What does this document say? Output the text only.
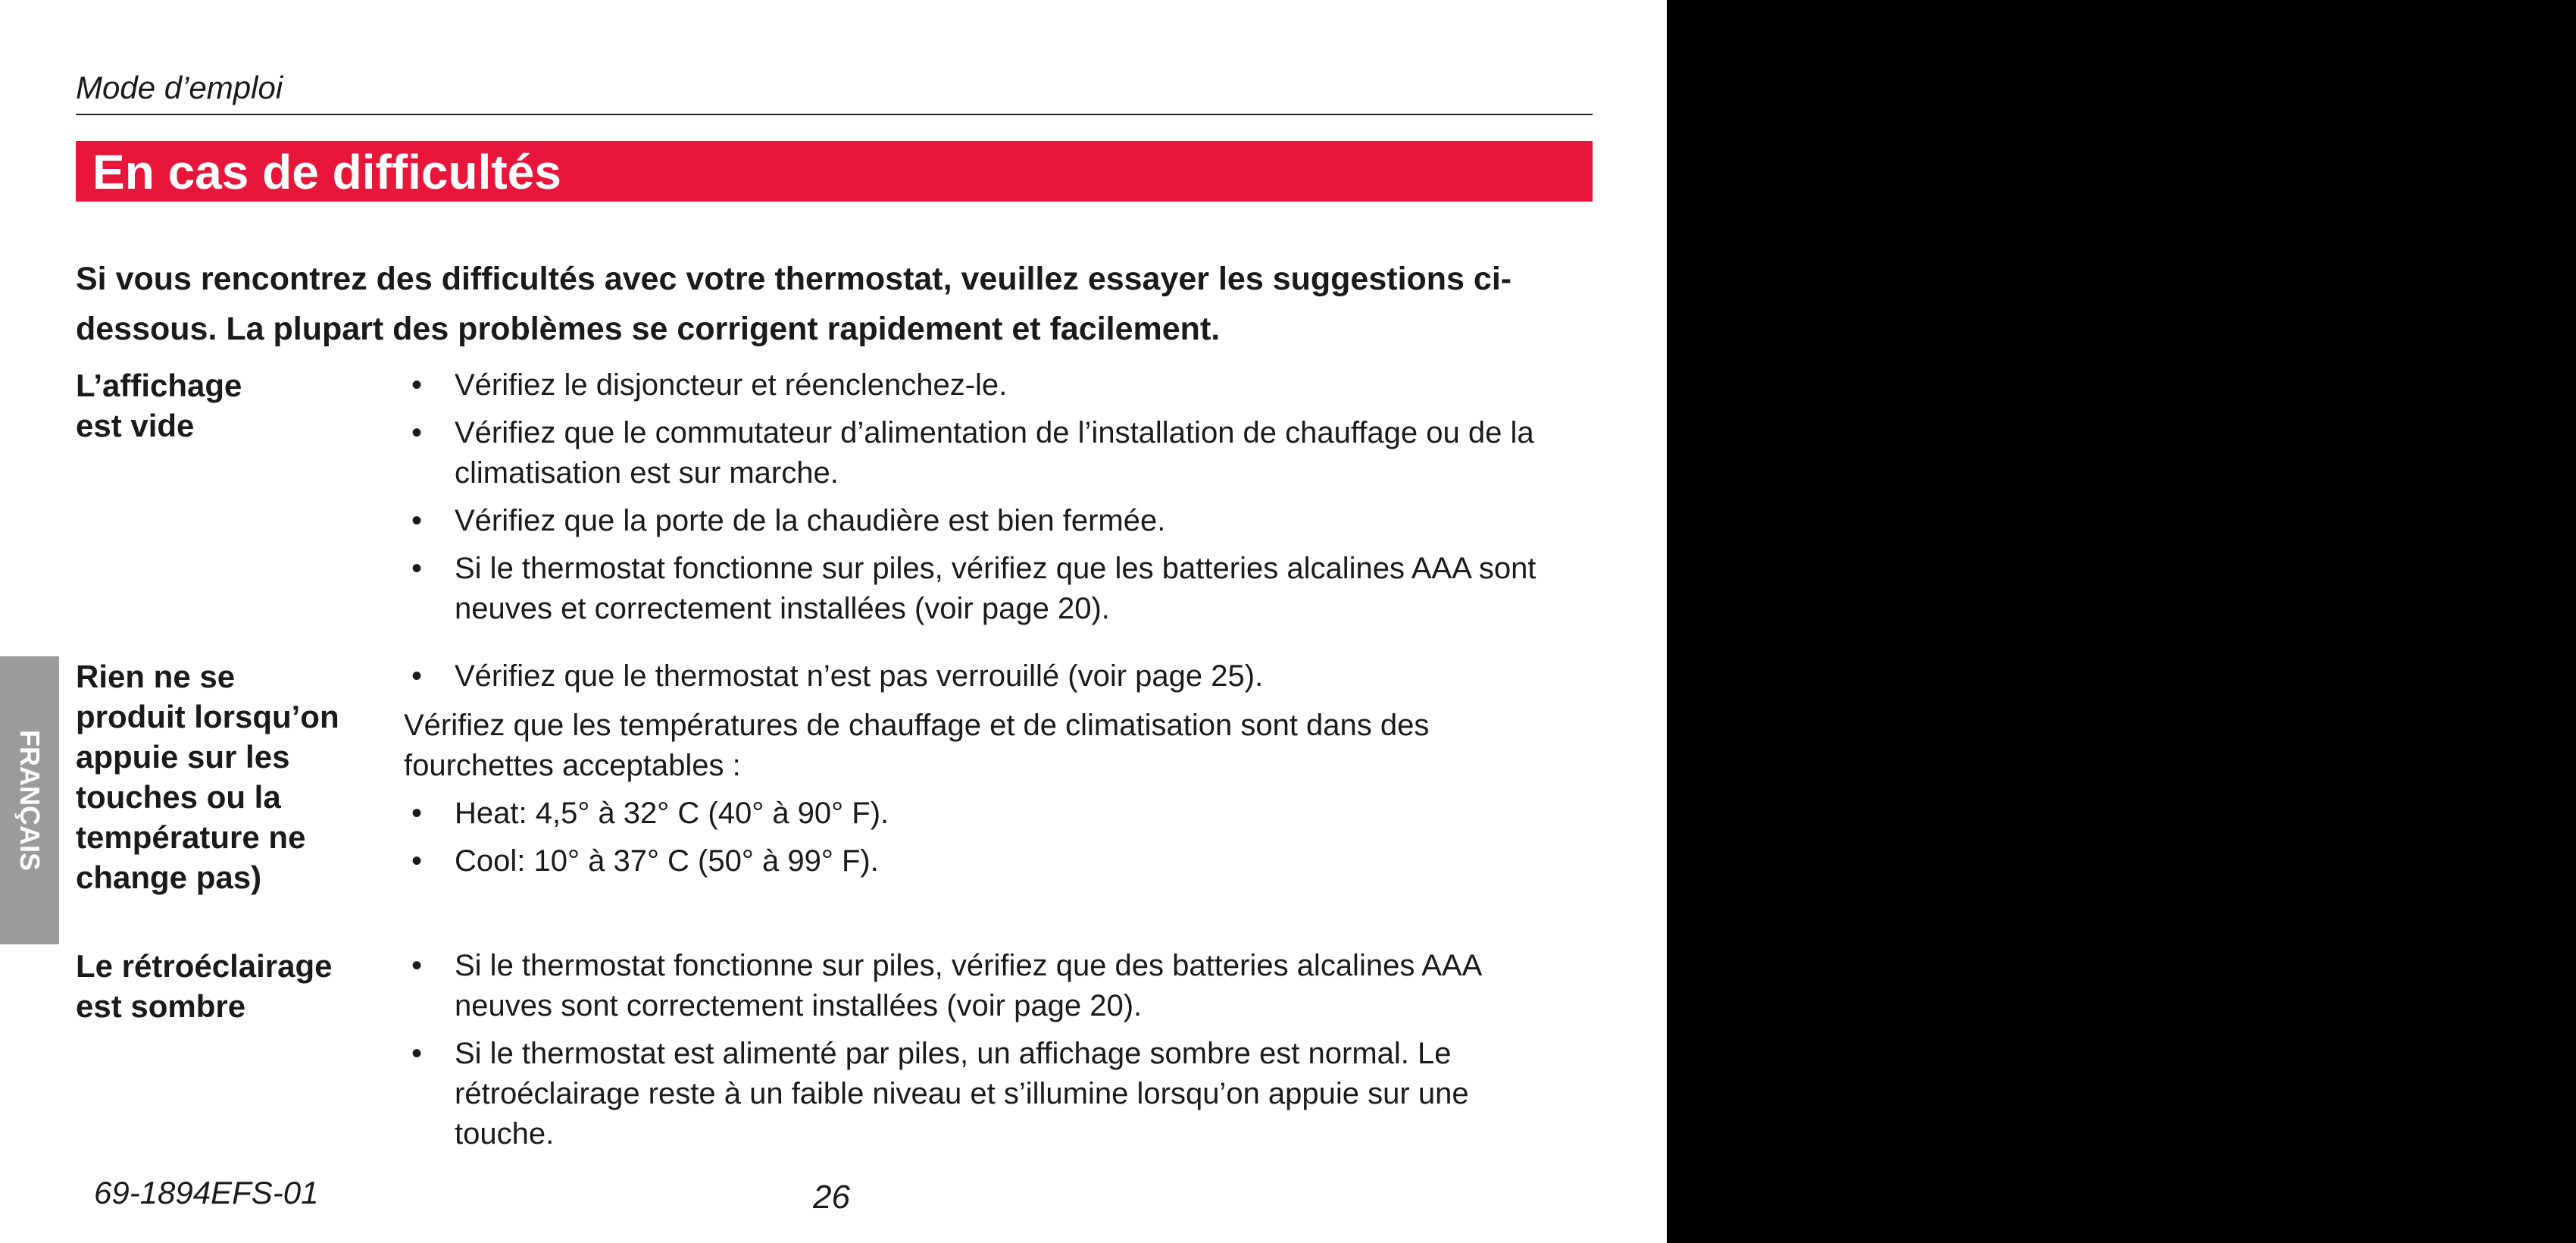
Mode d’emploi
En cas de difficultés
Si vous rencontrez des difficultés avec votre thermostat, veuillez essayer les suggestions ci-dessous. La plupart des problèmes se corrigent rapidement et facilement.
L’affichage
est vide
• Vérifiez le disjoncteur et réenclenchez-le.
• Vérifiez que le commutateur d’alimentation de l’installation de chauffage ou de la climatisation est sur marche.
• Vérifiez que la porte de la chaudière est bien fermée.
• Si le thermostat fonctionne sur piles, vérifiez que les batteries alcalines AAA sont neuves et correctement installées (voir page 20).
Rien ne se
produit lorsqu’on
appuie sur les
touches ou la
température ne
change pas)
• Vérifiez que le thermostat n’est pas verrouillé (voir page 25).

Vérifiez que les températures de chauffage et de climatisation sont dans des fourchettes acceptables :

• Heat: 4,5° à 32° C (40° à 90° F).
• Cool: 10° à 37° C (50° à 99° F).
Le rétroéclairage
est sombre
• Si le thermostat fonctionne sur piles, vérifiez que des batteries alcalines AAA neuves sont correctement installées (voir page 20).
• Si le thermostat est alimenté par piles, un affichage sombre est normal. Le rétroéclairage reste à un faible niveau et s’illumine lorsqu’on appuie sur une touche.
FRANÇAIS
69-1894EFS-01	26
